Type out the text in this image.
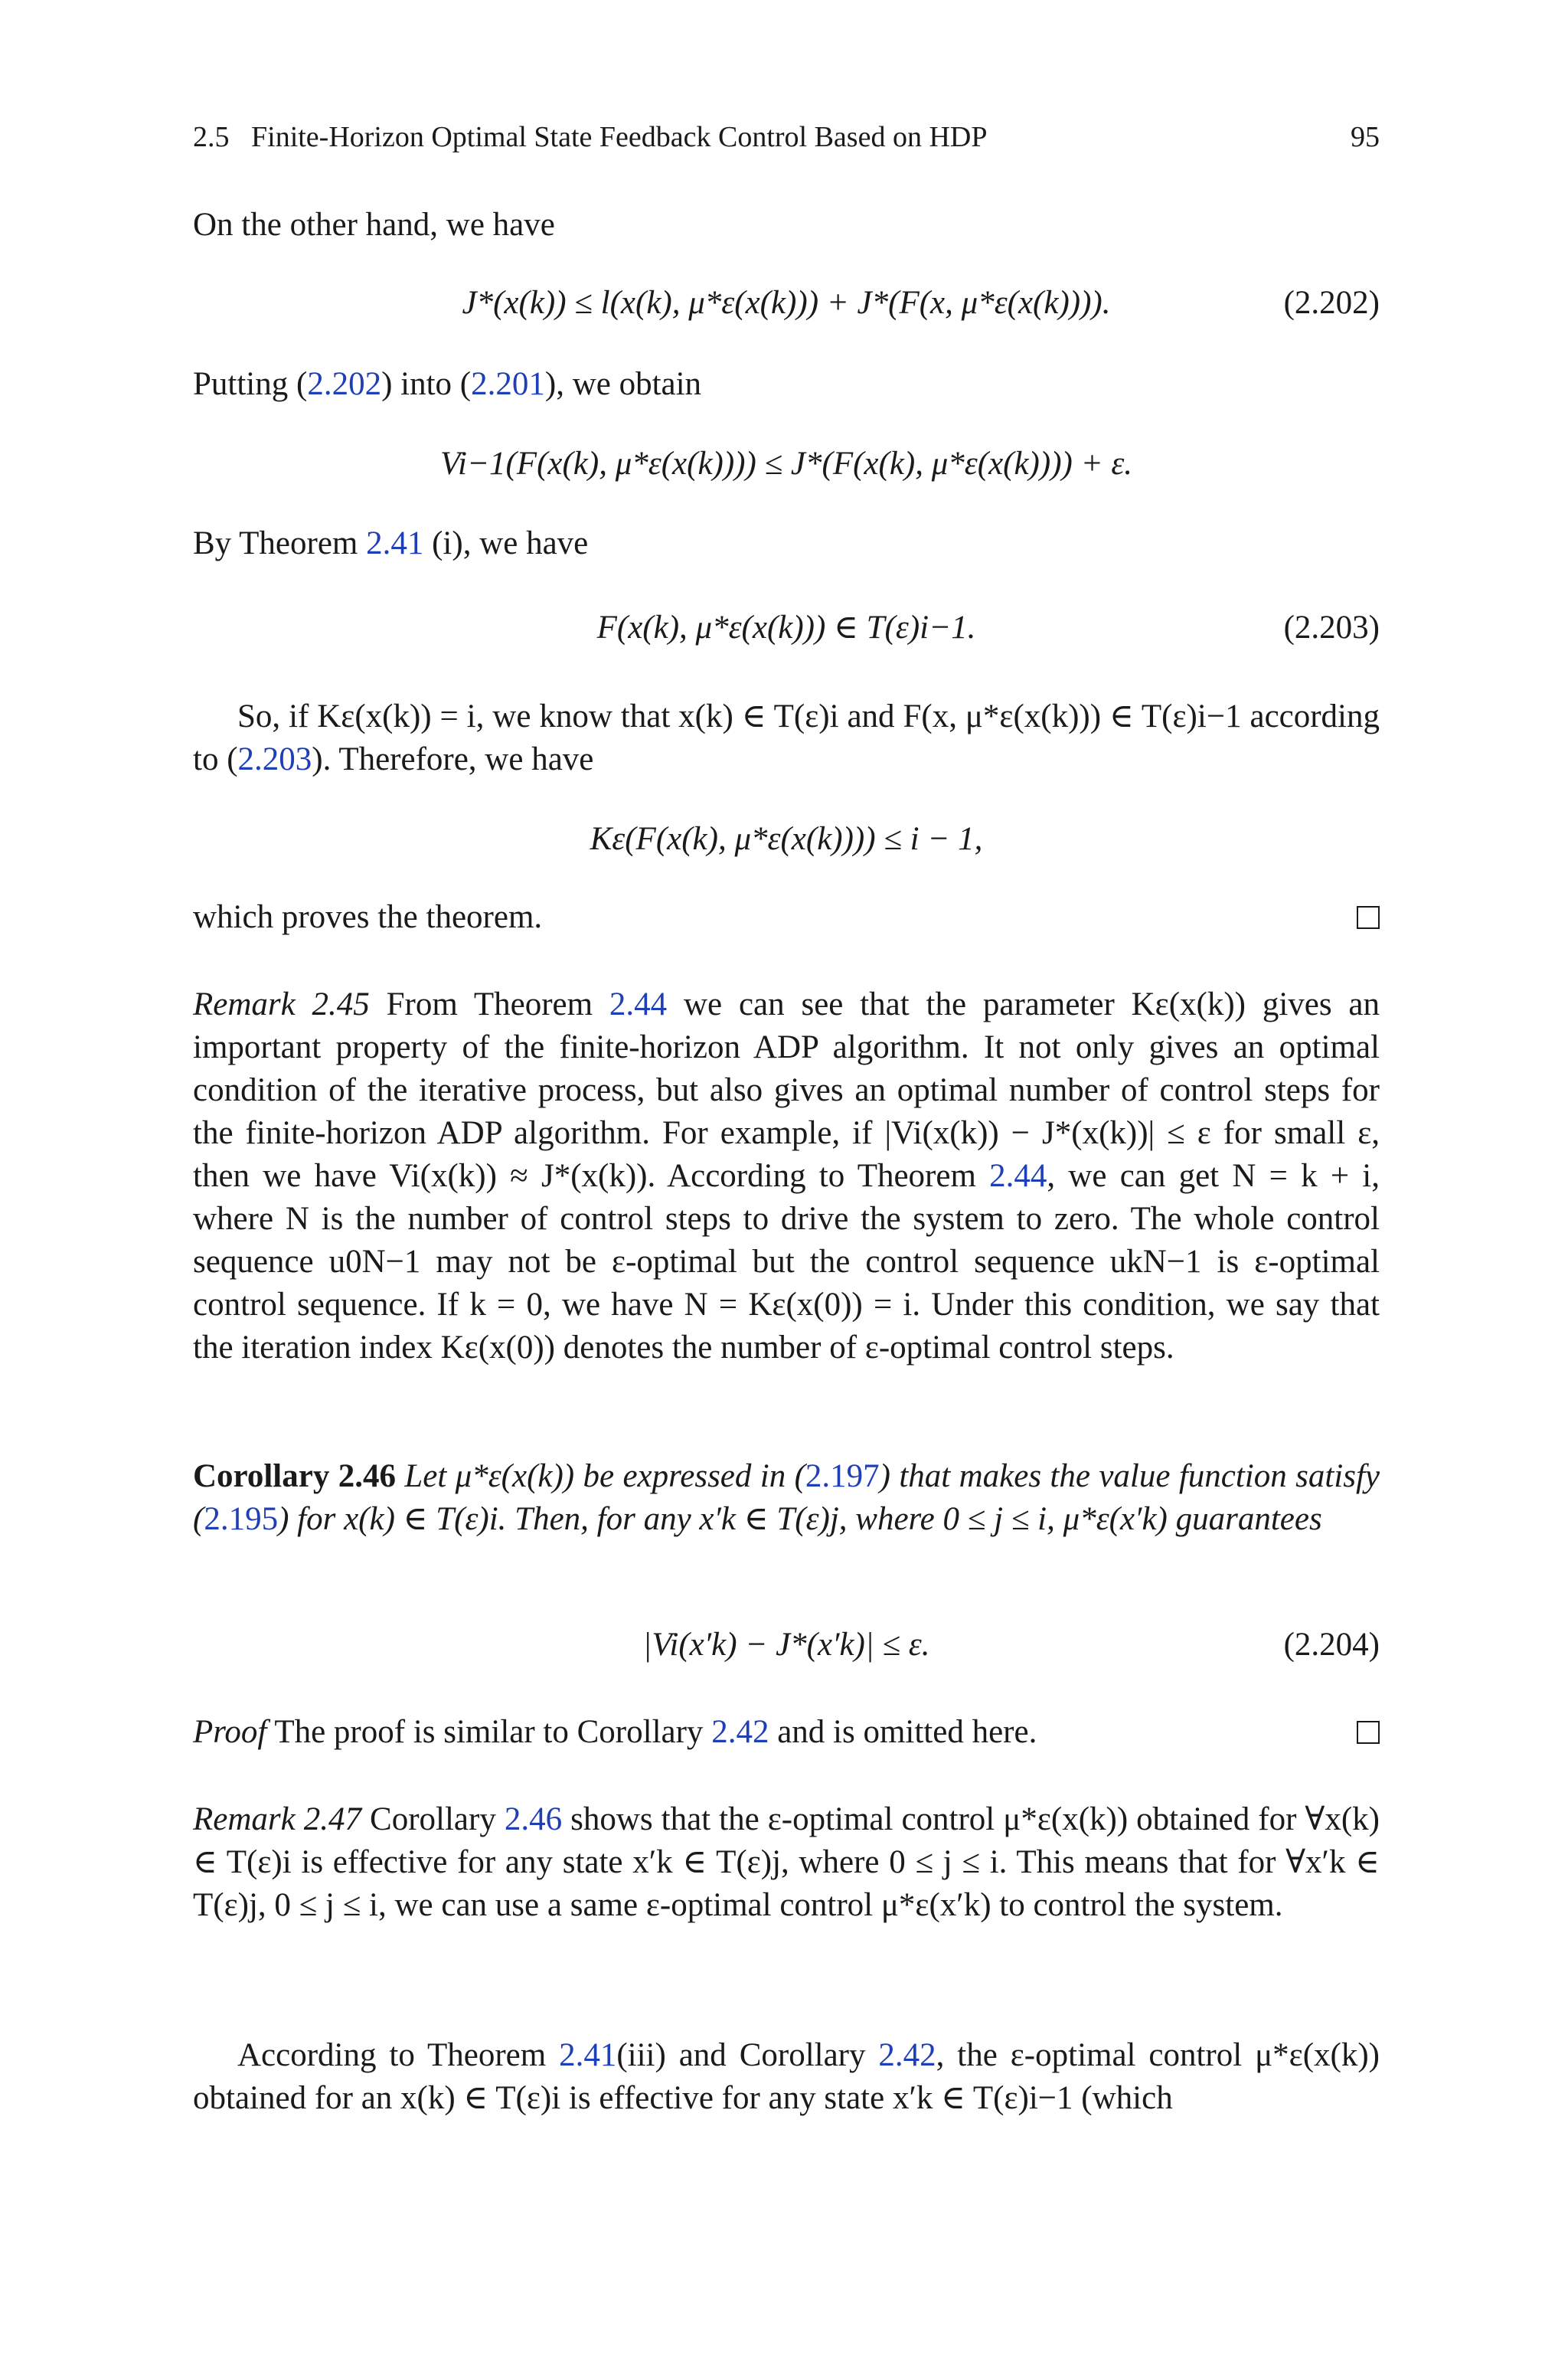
2.5   Finite-Horizon Optimal State Feedback Control Based on HDP	95
On the other hand, we have
J*(x(k)) ≤ l(x(k), μ*ε(x(k))) + J*(F(x, μ*ε(x(k)))).	(2.202)
Putting (2.202) into (2.201), we obtain
Vi−1(F(x(k), μ*ε(x(k)))) ≤ J*(F(x(k), μ*ε(x(k)))) + ε.
By Theorem 2.41 (i), we have
F(x(k), μ*ε(x(k))) ∈ T(ε)i−1.	(2.203)
So, if Kε(x(k)) = i, we know that x(k) ∈ T(ε)i and F(x, μ*ε(x(k))) ∈ T(ε)i−1 according to (2.203). Therefore, we have
Kε(F(x(k), μ*ε(x(k)))) ≤ i − 1,
which proves the theorem.
Remark 2.45 From Theorem 2.44 we can see that the parameter Kε(x(k)) gives an important property of the finite-horizon ADP algorithm. It not only gives an optimal condition of the iterative process, but also gives an optimal number of control steps for the finite-horizon ADP algorithm. For example, if |Vi(x(k)) − J*(x(k))| ≤ ε for small ε, then we have Vi(x(k)) ≈ J*(x(k)). According to Theorem 2.44, we can get N = k + i, where N is the number of control steps to drive the system to zero. The whole control sequence u0N−1 may not be ε-optimal but the control sequence ukN−1 is ε-optimal control sequence. If k = 0, we have N = Kε(x(0)) = i. Under this condition, we say that the iteration index Kε(x(0)) denotes the number of ε-optimal control steps.
Corollary 2.46 Let μ*ε(x(k)) be expressed in (2.197) that makes the value function satisfy (2.195) for x(k) ∈ T(ε)i. Then, for any x′k ∈ T(ε)j, where 0 ≤ j ≤ i, μ*ε(x′k) guarantees
|Vi(x′k) − J*(x′k)| ≤ ε.	(2.204)
Proof The proof is similar to Corollary 2.42 and is omitted here.
Remark 2.47 Corollary 2.46 shows that the ε-optimal control μ*ε(x(k)) obtained for ∀x(k) ∈ T(ε)i is effective for any state x′k ∈ T(ε)j, where 0 ≤ j ≤ i. This means that for ∀x′k ∈ T(ε)j, 0 ≤ j ≤ i, we can use a same ε-optimal control μ*ε(x′k) to control the system.
According to Theorem 2.41(iii) and Corollary 2.42, the ε-optimal control μ*ε(x(k)) obtained for an x(k) ∈ T(ε)i is effective for any state x′k ∈ T(ε)i−1 (which
